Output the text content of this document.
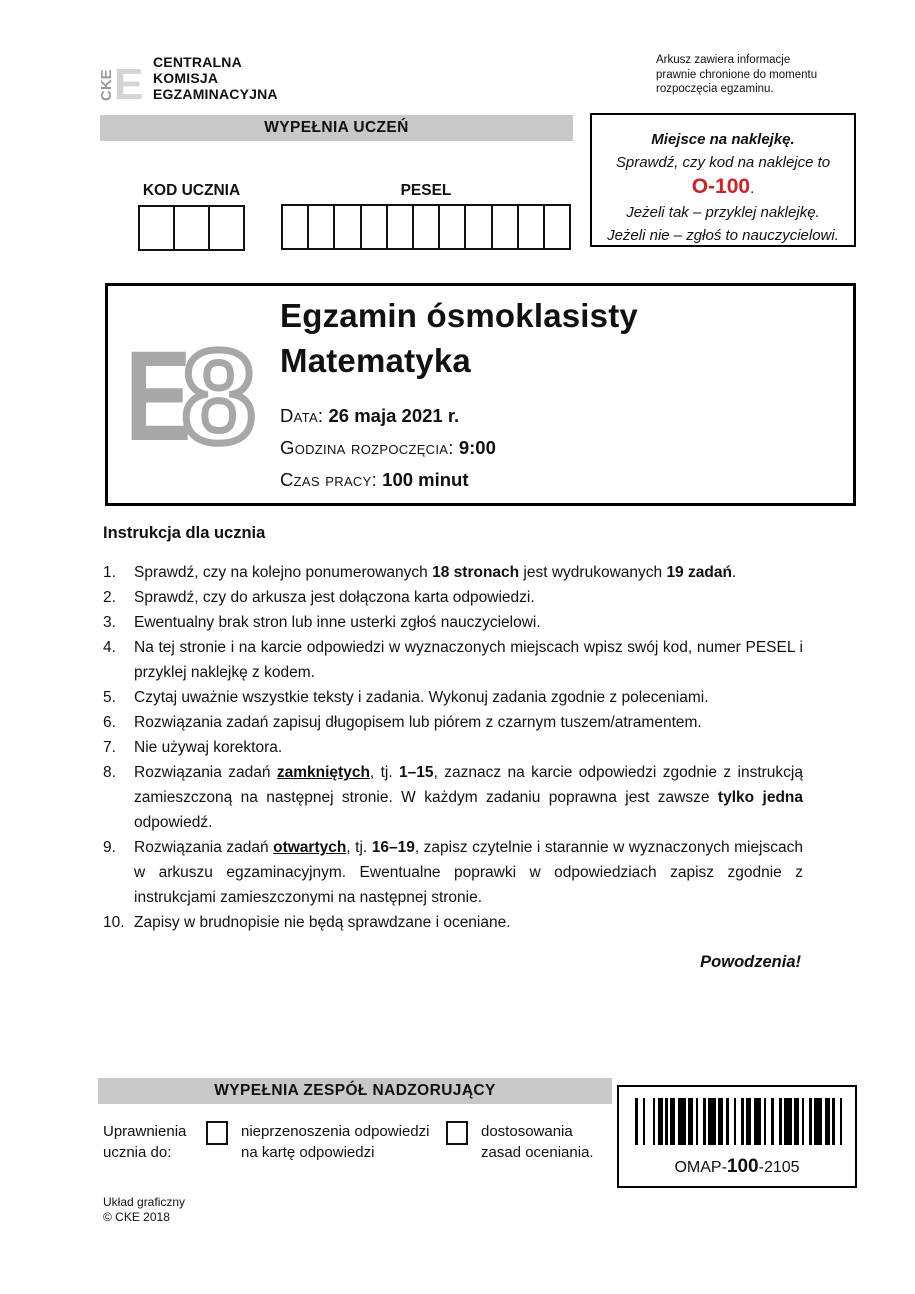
CKE E CENTRALNA
KOMISJA
EGZAMINACYJNA
Arkusz zawiera informacje
prawnie chronione do momentu
rozpoczęcia egzaminu.
WYPEŁNIA UCZEŃ
Miejsce na naklejkę.
Sprawdź, czy kod na naklejce to
O-100.
Jeżeli tak – przyklej naklejkę.
Jeżeli nie – zgłoś to nauczycielowi.
KOD UCZNIA	PESEL
E
8
Egzamin ósmoklasisty
Matematyka
Data: 26 maja 2021 r.
Godzina rozpoczęcia: 9:00
Czas pracy: 100 minut
Instrukcja dla ucznia
1.	Sprawdź, czy na kolejno ponumerowanych 18 stronach jest wydrukowanych 19 zadań.
2.	Sprawdź, czy do arkusza jest dołączona karta odpowiedzi.
3.	Ewentualny brak stron lub inne usterki zgłoś nauczycielowi.
4.	Na tej stronie i na karcie odpowiedzi w wyznaczonych miejscach wpisz swój kod, numer PESEL i przyklej naklejkę z kodem.
5.	Czytaj uważnie wszystkie teksty i zadania. Wykonuj zadania zgodnie z poleceniami.
6.	Rozwiązania zadań zapisuj długopisem lub piórem z czarnym tuszem/atramentem.
7.	Nie używaj korektora.
8.	Rozwiązania zadań zamkniętych, tj. 1–15, zaznacz na karcie odpowiedzi zgodnie z instrukcją zamieszczoną na następnej stronie. W każdym zadaniu poprawna jest zawsze tylko jedna odpowiedź.
9.	Rozwiązania zadań otwartych, tj. 16–19, zapisz czytelnie i starannie w wyznaczonych miejscach w arkuszu egzaminacyjnym. Ewentualne poprawki w odpowiedziach zapisz zgodnie z instrukcjami zamieszczonymi na następnej stronie.
10. Zapisy w brudnopisie nie będą sprawdzane i oceniane.
Powodzenia!
WYPEŁNIA ZESPÓŁ NADZORUJĄCY
Uprawnienia
ucznia do:
nieprzenoszenia odpowiedzi
na kartę odpowiedzi
dostosowania
zasad oceniania.
OMAP-100-2105
Układ graficzny
© CKE 2018
